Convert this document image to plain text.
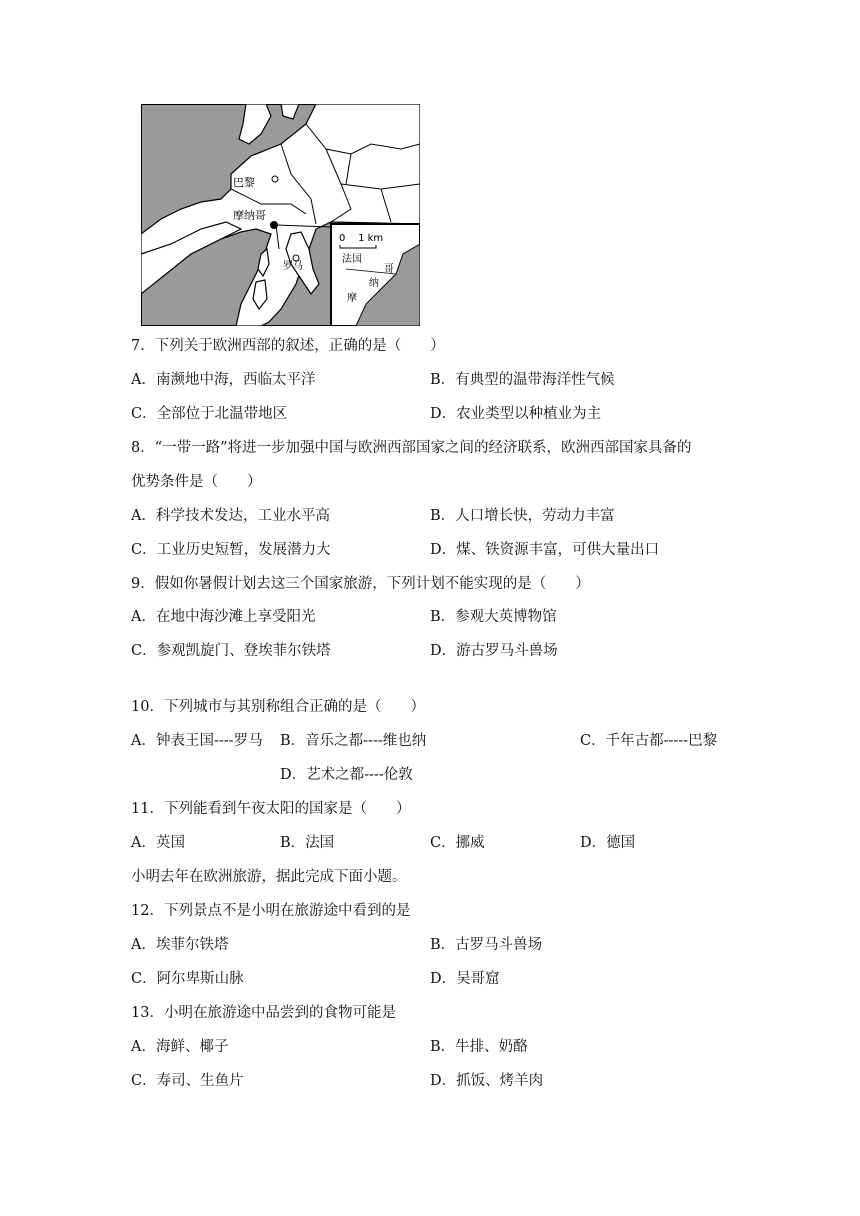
巴黎
摩纳哥
罗马
0    1 km
法国
纳
哥
摩
7．下列关于欧洲西部的叙述，正确的是（　　）
A．南濒地中海，西临太平洋	B．有典型的温带海洋性气候
C．全部位于北温带地区	D．农业类型以种植业为主
8．“一带一路”将进一步加强中国与欧洲西部国家之间的经济联系，欧洲西部国家具备的
优势条件是（　　）
A．科学技术发达，工业水平高	B．人口增长快，劳动力丰富
C．工业历史短暂，发展潜力大	D．煤、铁资源丰富，可供大量出口
9．假如你暑假计划去这三个国家旅游，下列计划不能实现的是（　　）
A．在地中海沙滩上享受阳光	B．参观大英博物馆
C．参观凯旋门、登埃菲尔铁塔	D．游古罗马斗兽场
10．下列城市与其别称组合正确的是（　　）
A．钟表王国----罗马 B．音乐之都----维也纳	C．千年古都-----巴黎
D．艺术之都----伦敦
11．下列能看到午夜太阳的国家是（　　）
A．英国	B．法国	C．挪威	D．德国
小明去年在欧洲旅游，据此完成下面小题。
12．下列景点不是小明在旅游途中看到的是
A．埃菲尔铁塔	B．古罗马斗兽场
C．阿尔卑斯山脉	D．吴哥窟
13．小明在旅游途中品尝到的食物可能是
A．海鲜、椰子	B．牛排、奶酪
C．寿司、生鱼片	D．抓饭、烤羊肉
